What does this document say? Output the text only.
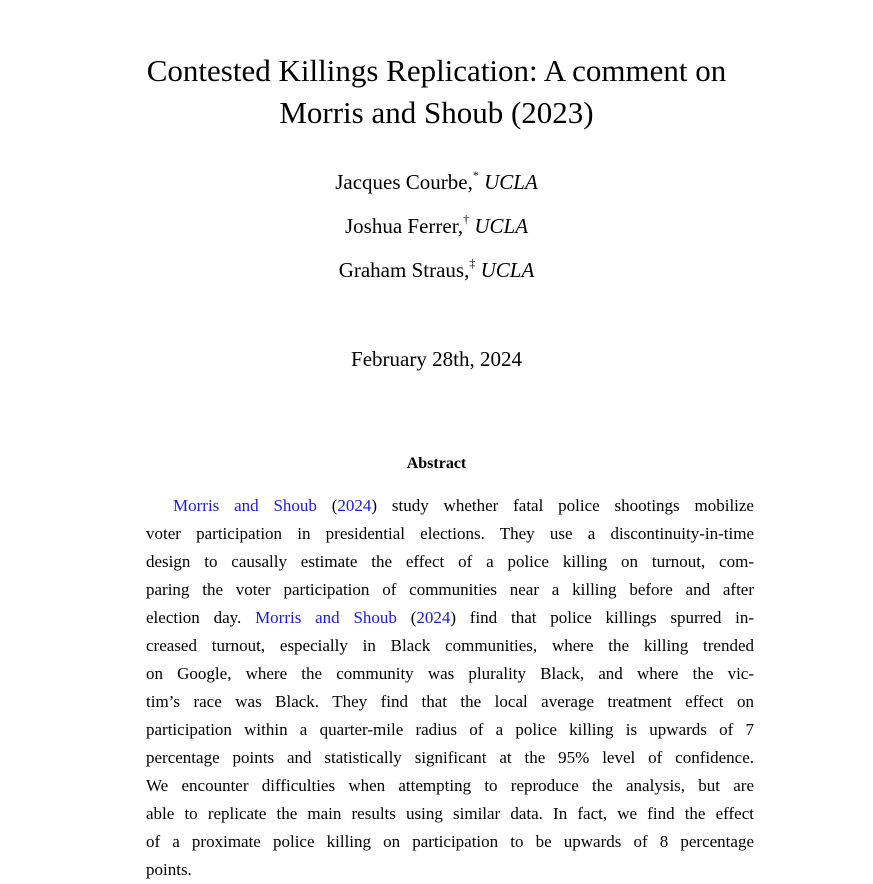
Contested Killings Replication: A comment on
Morris and Shoub (2023)
Jacques Courbe,* UCLA
Joshua Ferrer,† UCLA
Graham Straus,‡ UCLA
February 28th, 2024
Abstract
Morris and Shoub (2024) study whether fatal police shootings mobilize
voter participation in presidential elections. They use a discontinuity-in-time
design to causally estimate the effect of a police killing on turnout, com-
paring the voter participation of communities near a killing before and after
election day. Morris and Shoub (2024) find that police killings spurred in-
creased turnout, especially in Black communities, where the killing trended
on Google, where the community was plurality Black, and where the vic-
tim’s race was Black. They find that the local average treatment effect on
participation within a quarter-mile radius of a police killing is upwards of 7
percentage points and statistically significant at the 95% level of confidence.
We encounter difficulties when attempting to reproduce the analysis, but are
able to replicate the main results using similar data. In fact, we find the effect
of a proximate police killing on participation to be upwards of 8 percentage
points.
